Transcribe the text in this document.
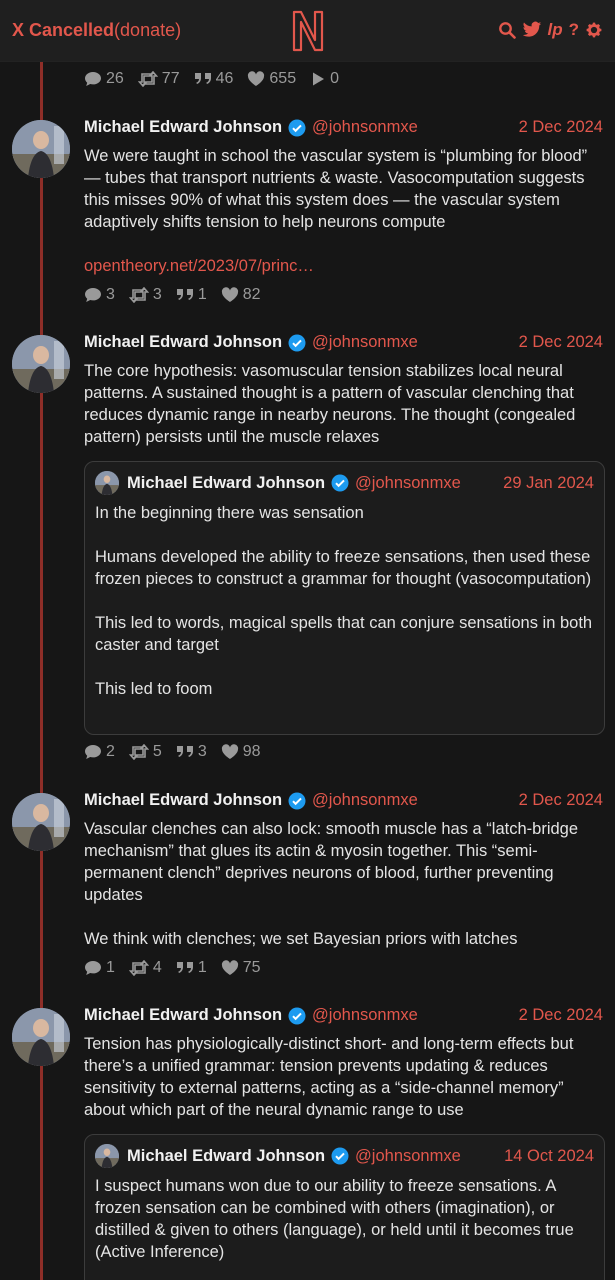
X Cancelled(donate)	lp ?
26 77 46 655 0
Michael Edward Johnson @johnsonmxe	2 Dec 2024

We were taught in school the vascular system is “plumbing for blood” — tubes that transport nutrients & waste. Vasocomputation suggests this misses 90% of what this system does — the vascular system adaptively shifts tension to help neurons compute

opentheory.net/2023/07/princ…

3 3 1 82
Michael Edward Johnson @johnsonmxe	2 Dec 2024

The core hypothesis: vasomuscular tension stabilizes local neural patterns. A sustained thought is a pattern of vascular clenching that reduces dynamic range in nearby neurons. The thought (congealed pattern) persists until the muscle relaxes

Michael Edward Johnson @johnsonmxe	29 Jan 2024

In the beginning there was sensation

Humans developed the ability to freeze sensations, then used these frozen pieces to construct a grammar for thought (vasocomputation)

This led to words, magical spells that can conjure sensations in both caster and target

This led to foom

2 5 3 98
Michael Edward Johnson @johnsonmxe	2 Dec 2024

Vascular clenches can also lock: smooth muscle has a “latch-bridge mechanism” that glues its actin & myosin together. This “semi-permanent clench” deprives neurons of blood, further preventing updates

We think with clenches; we set Bayesian priors with latches

1 4 1 75
Michael Edward Johnson @johnsonmxe	2 Dec 2024

Tension has physiologically-distinct short- and long-term effects but there’s a unified grammar: tension prevents updating & reduces sensitivity to external patterns, acting as a “side-channel memory” about which part of the neural dynamic range to use

Michael Edward Johnson @johnsonmxe	14 Oct 2024

I suspect humans won due to our ability to freeze sensations. A frozen sensation can be combined with others (imagination), or distilled & given to others (language), or held until it becomes true (Active Inference)
